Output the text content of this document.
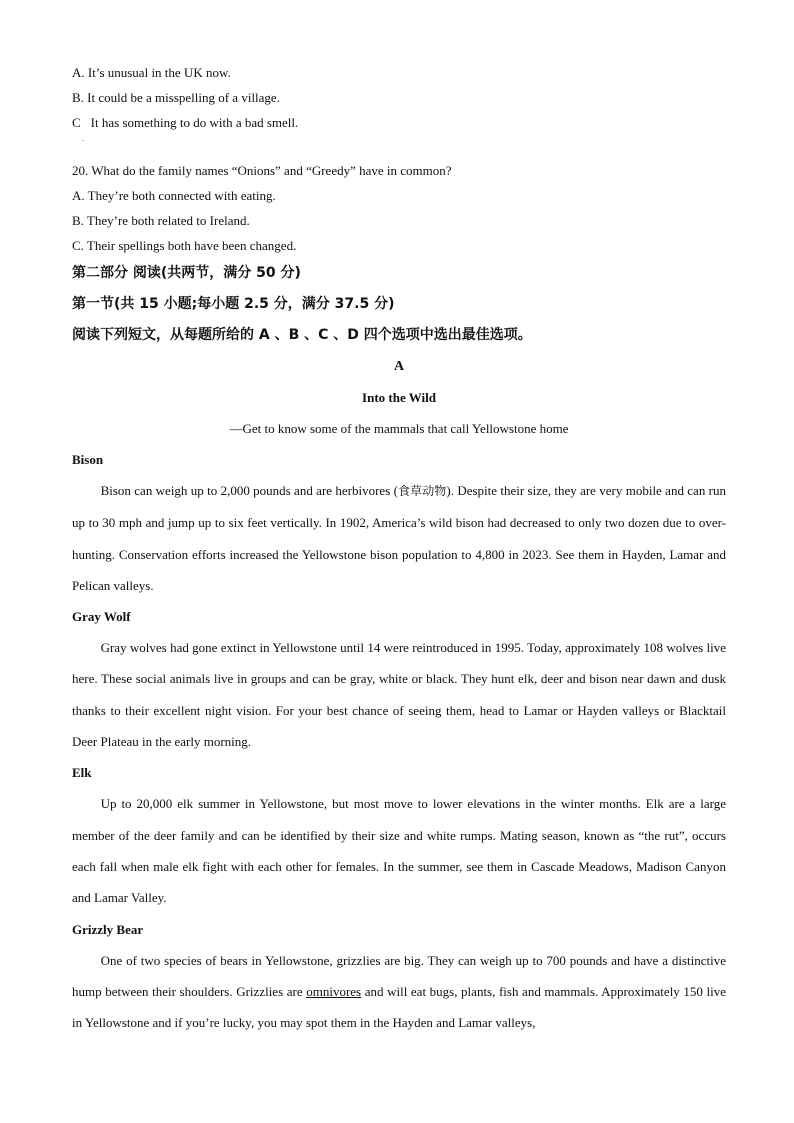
A. It’s unusual in the UK now.
B. It could be a misspelling of a village.
C It has something to do with a bad smell.
.
20. What do the family names “Onions” and “Greedy” have in common?
A. They’re both connected with eating.
B. They’re both related to Ireland.
C. Their spellings both have been changed.
第二部分 阅读(共两节，满分 50 分)
第一节(共 15 小题;每小题 2.5 分，满分 37.5 分)
阅读下列短文，从每题所给的 A 、B 、C 、D 四个选项中选出最佳选项。
A
Into the Wild
—Get to know some of the mammals that call Yellowstone home
Bison
Bison can weigh up to 2,000 pounds and are herbivores (食草动物). Despite their size, they are very mobile and can run up to 30 mph and jump up to six feet vertically. In 1902, America’s wild bison had decreased to only two dozen due to over-hunting. Conservation efforts increased the Yellowstone bison population to 4,800 in 2023. See them in Hayden, Lamar and Pelican valleys.
Gray Wolf
Gray wolves had gone extinct in Yellowstone until 14 were reintroduced in 1995. Today, approximately 108 wolves live here. These social animals live in groups and can be gray, white or black. They hunt elk, deer and bison near dawn and dusk thanks to their excellent night vision. For your best chance of seeing them, head to Lamar or Hayden valleys or Blacktail Deer Plateau in the early morning.
Elk
Up to 20,000 elk summer in Yellowstone, but most move to lower elevations in the winter months. Elk are a large member of the deer family and can be identified by their size and white rumps. Mating season, known as “the rut”, occurs each fall when male elk fight with each other for females. In the summer, see them in Cascade Meadows, Madison Canyon and Lamar Valley.
Grizzly Bear
One of two species of bears in Yellowstone, grizzlies are big. They can weigh up to 700 pounds and have a distinctive hump between their shoulders. Grizzlies are omnivores and will eat bugs, plants, fish and mammals. Approximately 150 live in Yellowstone and if you’re lucky, you may spot them in the Hayden and Lamar valleys,
